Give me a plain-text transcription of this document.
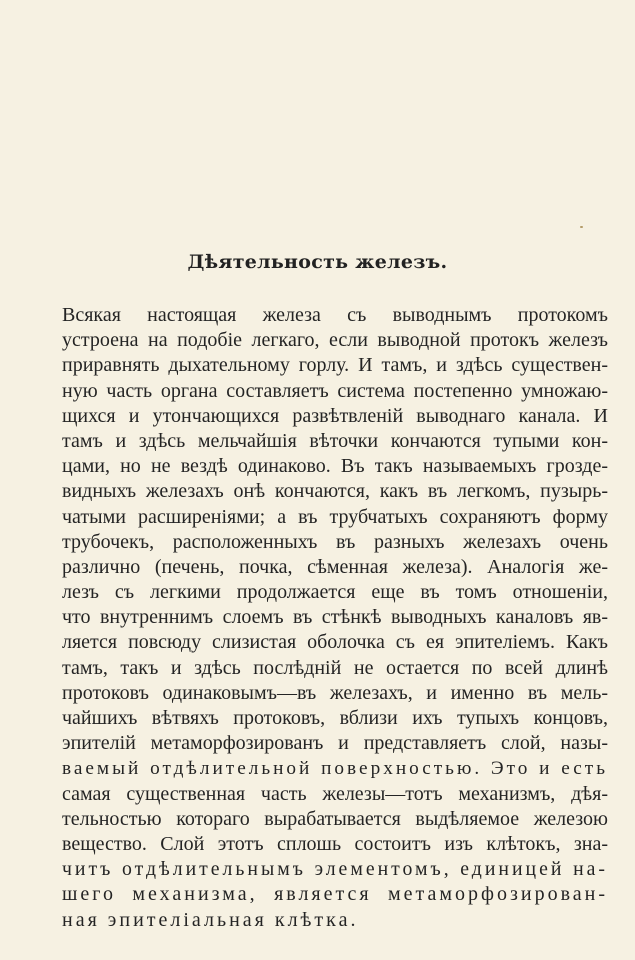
Дѣятельность железъ.
Всякая настоящая железа съ выводнымъ протокомъ
устроена на подобіе легкаго, если выводной протокъ железъ
приравнять дыхательному горлу. И тамъ, и здѣсь существен-
ную часть органа составляетъ система постепенно умножаю-
щихся и утончающихся развѣтвленій выводнаго канала. И
тамъ и здѣсь мельчайшія вѣточки кончаются тупыми кон-
цами, но не вездѣ одинаково. Въ такъ называемыхъ грозде-
видныхъ железахъ онѣ кончаются, какъ въ легкомъ, пузырь-
чатыми расширеніями; а въ трубчатыхъ сохраняютъ форму
трубочекъ, расположенныхъ въ разныхъ железахъ очень
различно (печень, почка, сѣменная железа). Аналогія же-
лезъ съ легкими продолжается еще въ томъ отношеніи,
что внутреннимъ слоемъ въ стѣнкѣ выводныхъ каналовъ яв-
ляется повсюду слизистая оболочка съ ея эпителіемъ. Какъ
тамъ, такъ и здѣсь послѣдній не остается по всей длинѣ
протоковъ одинаковымъ—въ железахъ, и именно въ мель-
чайшихъ вѣтвяхъ протоковъ, вблизи ихъ тупыхъ концовъ,
эпителій метаморфозированъ и представляетъ слой, назы-
ваемый отдѣлительной поверхностью. Это и есть
самая существенная часть железы—тотъ механизмъ, дѣя-
тельностью котораго вырабатывается выдѣляемое железою
вещество. Слой этотъ сплошь состоитъ изъ клѣтокъ, зна-
читъ отдѣлительнымъ элементомъ, единицей на-
шего механизма, является метаморфозирован-
ная эпителіальная клѣтка.
